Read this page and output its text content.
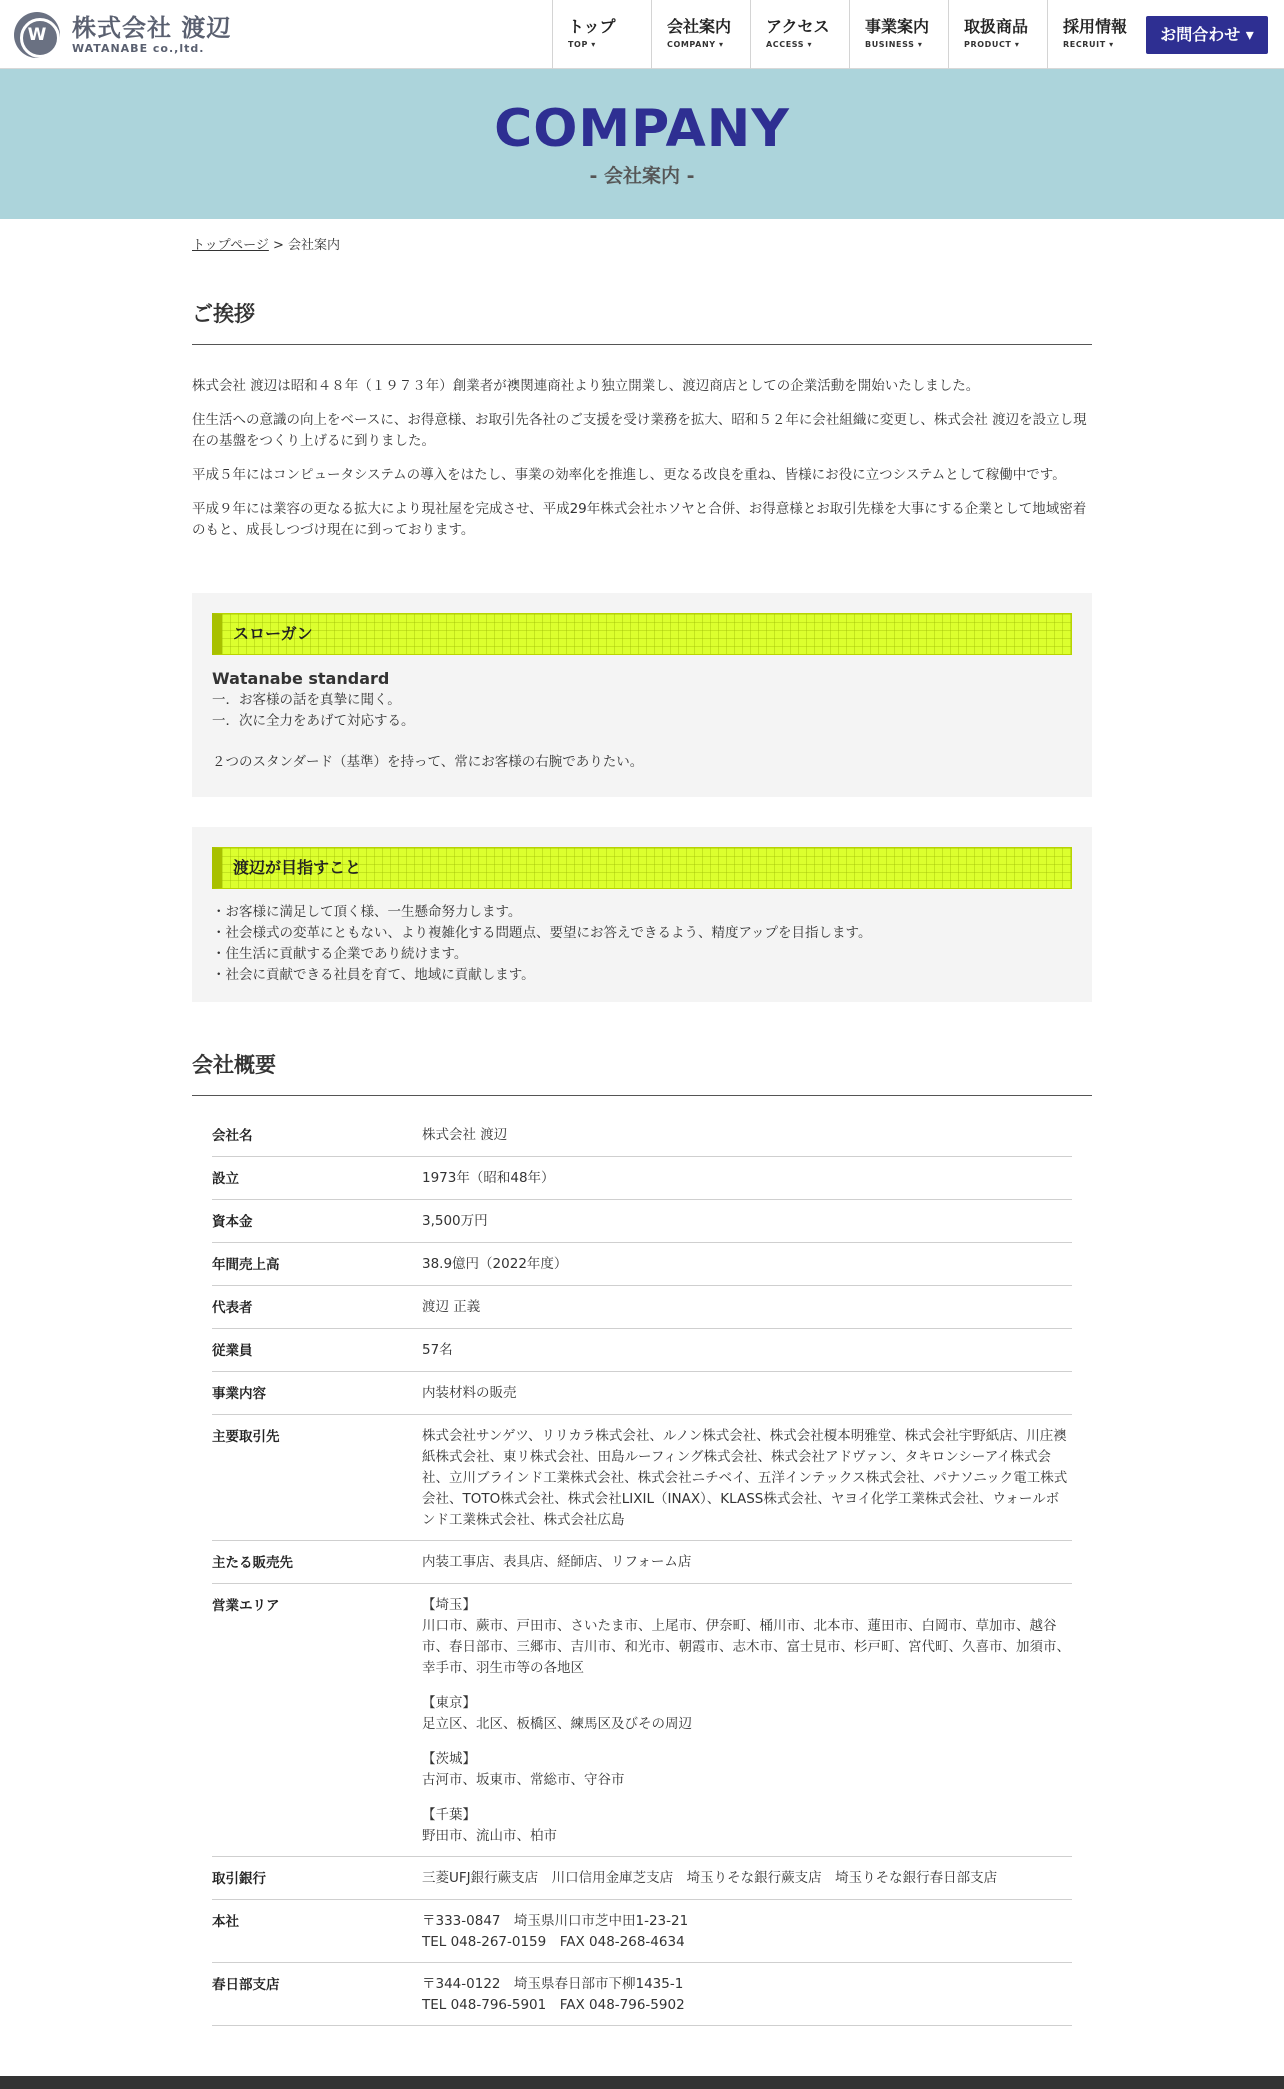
W
株式会社 渡辺
WATANABE co.,ltd.
トップ
TOP ▾
会社案内
COMPANY ▾
アクセス
ACCESS ▾
事業案内
BUSINESS ▾
取扱商品
PRODUCT ▾
採用情報
RECRUIT ▾
お問合わせ ▾
COMPANY
- 会社案内 -
トップページ > 会社案内
ご挨拶

株式会社 渡辺は昭和４８年（１９７３年）創業者が襖関連商社より独立開業し、渡辺商店としての企業活動を開始いたしました。

住生活への意識の向上をベースに、お得意様、お取引先各社のご支援を受け業務を拡大、昭和５２年に会社組織に変更し、株式会社 渡辺を設立し現在の基盤をつくり上げるに到りました。

平成５年にはコンピュータシステムの導入をはたし、事業の効率化を推進し、更なる改良を重ね、皆様にお役に立つシステムとして稼働中です。

平成９年には業容の更なる拡大により現社屋を完成させ、平成29年株式会社ホソヤと合併、お得意様とお取引先様を大事にする企業として地域密着のもと、成長しつづけ現在に到っております。

スローガン
Watanabe standard
一．お客様の話を真摯に聞く。
一．次に全力をあげて対応する。
２つのスタンダード（基準）を持って、常にお客様の右腕でありたい。
渡辺が目指すこと
・お客様に満足して頂く様、一生懸命努力します。
・社会様式の変革にともない、より複雑化する問題点、要望にお答えできるよう、精度アップを目指します。
・住生活に貢献する企業であり続けます。
・社会に貢献できる社員を育て、地域に貢献します。
会社概要
会社名	株式会社 渡辺
設立	1973年（昭和48年）
資本金	3,500万円
年間売上高	38.9億円（2022年度）
代表者	渡辺 正義
従業員	57名
事業内容	内装材料の販売
主要取引先	株式会社サンゲツ、リリカラ株式会社、ルノン株式会社、株式会社榎本明雅堂、株式会社宇野紙店、川庄襖紙株式会社、東リ株式会社、田島ルーフィング株式会社、株式会社アドヴァン、タキロンシーアイ株式会社、立川ブラインド工業株式会社、株式会社ニチベイ、五洋インテックス株式会社、パナソニック電工株式会社、TOTO株式会社、株式会社LIXIL（INAX）、KLASS株式会社、ヤヨイ化学工業株式会社、ウォールボンド工業株式会社、株式会社広島
主たる販売先	内装工事店、表具店、経師店、リフォーム店
営業エリア	【埼玉】
川口市、蕨市、戸田市、さいたま市、上尾市、伊奈町、桶川市、北本市、蓮田市、白岡市、草加市、越谷市、春日部市、三郷市、吉川市、和光市、朝霞市、志木市、富士見市、杉戸町、宮代町、久喜市、加須市、幸手市、羽生市等の各地区
【東京】
足立区、北区、板橋区、練馬区及びその周辺
【茨城】
古河市、坂東市、常総市、守谷市
【千葉】
野田市、流山市、柏市
取引銀行	三菱UFJ銀行蕨支店　川口信用金庫芝支店　埼玉りそな銀行蕨支店　埼玉りそな銀行春日部支店
本社	〒333-0847　埼玉県川口市芝中田1-23-21
TEL 048-267-0159　FAX 048-268-4634
春日部支店	〒344-0122　埼玉県春日部市下柳1435-1
TEL 048-796-5901　FAX 048-796-5902
